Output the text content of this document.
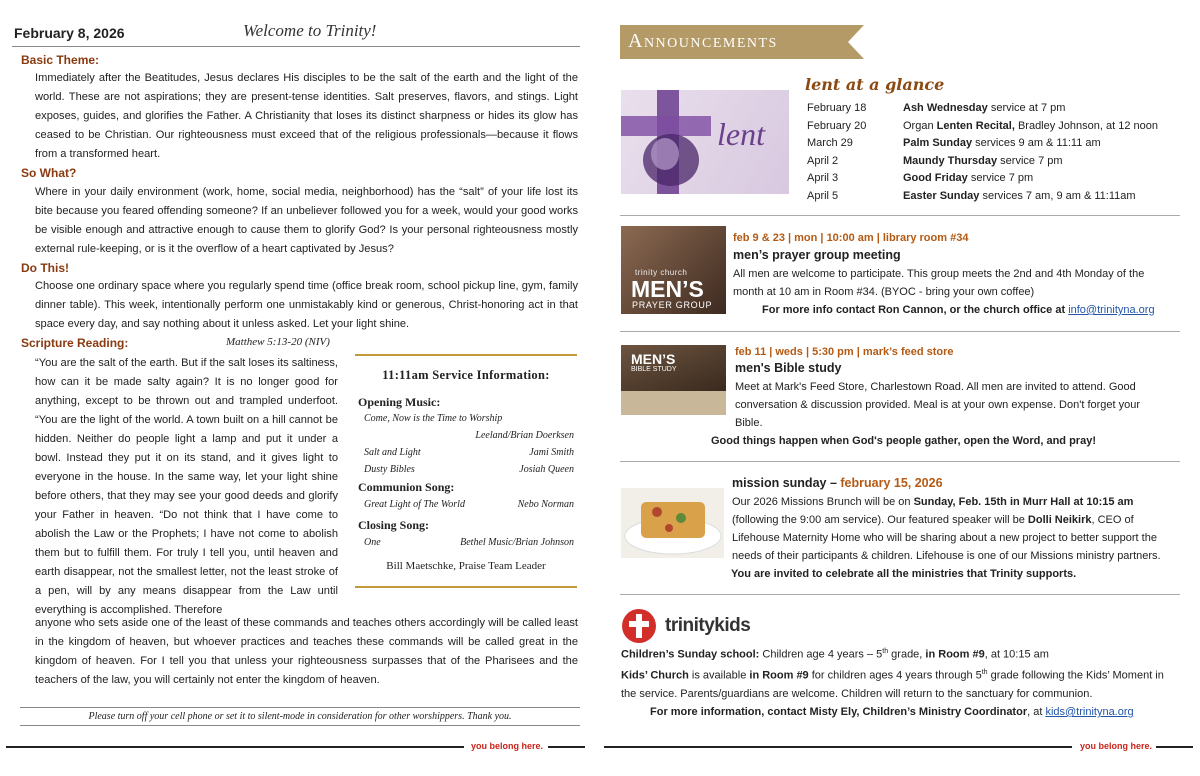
February 8, 2026	Welcome to Trinity!
Basic Theme:
Immediately after the Beatitudes, Jesus declares His disciples to be the salt of the earth and the light of the world. These are not aspirations; they are present-tense identities. Salt preserves, flavors, and stings. Light exposes, guides, and glorifies the Father. A Christianity that loses its distinct sharpness or hides its glow has ceased to be Christian. Our righteousness must exceed that of the religious professionals—because it flows from a transformed heart.
So What?
Where in your daily environment (work, home, social media, neighborhood) has the “salt” of your life lost its bite because you feared offending someone? If an unbeliever followed you for a week, would your good works be visible enough and attractive enough to cause them to glorify God? Is your personal righteousness mostly external rule-keeping, or is it the overflow of a heart captivated by Jesus?
Do This!
Choose one ordinary space where you regularly spend time (office break room, school pickup line, gym, family dinner table). This week, intentionally perform one unmistakably kind or generous, Christ-honoring act in that space every day, and say nothing about it unless asked. Let your light shine.
Scripture Reading:	Matthew 5:13-20 (NIV)
“You are the salt of the earth. But if the salt loses its saltiness, how can it be made salty again? It is no longer good for anything, except to be thrown out and trampled underfoot. “You are the light of the world. A town built on a hill cannot be hidden. Neither do people light a lamp and put it under a bowl. Instead they put it on its stand, and it gives light to everyone in the house. In the same way, let your light shine before others, that they may see your good deeds and glorify your Father in heaven. “Do not think that I have come to abolish the Law or the Prophets; I have not come to abolish them but to fulfill them. For truly I tell you, until heaven and earth disappear, not the smallest letter, not the least stroke of a pen, will by any means disappear from the Law until everything is accomplished. Therefore
anyone who sets aside one of the least of these commands and teaches others accordingly will be called least in the kingdom of heaven, but whoever practices and teaches these commands will be called great in the kingdom of heaven. For I tell you that unless your righteousness surpasses that of the Pharisees and the teachers of the law, you will certainly not enter the kingdom of heaven.
11:11am Service Information:
Opening Music:
Come, Now is the Time to Worship
Leeland/Brian Doerksen
Salt and Light	Jami Smith
Dusty Bibles	Josiah Queen
Communion Song:
Great Light of The World	Nebo Norman
Closing Song:
One	Bethel Music/Brian Johnson
Bill Maetschke, Praise Team Leader
Please turn off your cell phone or set it to silent-mode in consideration for other worshippers. Thank you.
you belong here.
Announcements
lent
lent at a glance
February 18	Ash Wednesday service at 7 pm
February 20	Organ Lenten Recital, Bradley Johnson, at 12 noon
March 29	Palm Sunday services 9 am & 11:11 am
April 2	Maundy Thursday service 7 pm
April 3	Good Friday service 7 pm
April 5	Easter Sunday services 7 am, 9 am & 11:11am
trinity church
MEN’S
PRAYER GROUP
feb 9 & 23 | mon | 10:00 am | library room #34
men’s prayer group meeting
All men are welcome to participate. This group meets the 2nd and 4th Monday of the month at 10 am in Room #34. (BYOC - bring your own coffee)
For more info contact Ron Cannon, or the church office at info@trinityna.org
MEN’S
BIBLE STUDY
feb 11 | weds | 5:30 pm | mark’s feed store
men's Bible study
Meet at Mark's Feed Store, Charlestown Road. All men are invited to attend. Good conversation & discussion provided. Meal is at your own expense. Don't forget your Bible.
Good things happen when God's people gather, open the Word, and pray!
mission sunday – february 15, 2026
Our 2026 Missions Brunch will be on Sunday, Feb. 15th in Murr Hall at 10:15 am (following the 9:00 am service). Our featured speaker will be Dolli Neikirk, CEO of Lifehouse Maternity Home who will be sharing about a new project to better support the needs of their participants & children. Lifehouse is one of our Missions ministry partners.
You are invited to celebrate all the ministries that Trinity supports.
trinitykids
Children’s Sunday school: Children age 4 years – 5th grade, in Room #9, at 10:15 am
Kids’ Church is available in Room #9 for children ages 4 years through 5th grade following the Kids’ Moment in the service. Parents/guardians are welcome. Children will return to the sanctuary for communion.
For more information, contact Misty Ely, Children’s Ministry Coordinator, at kids@trinityna.org
you belong here.
